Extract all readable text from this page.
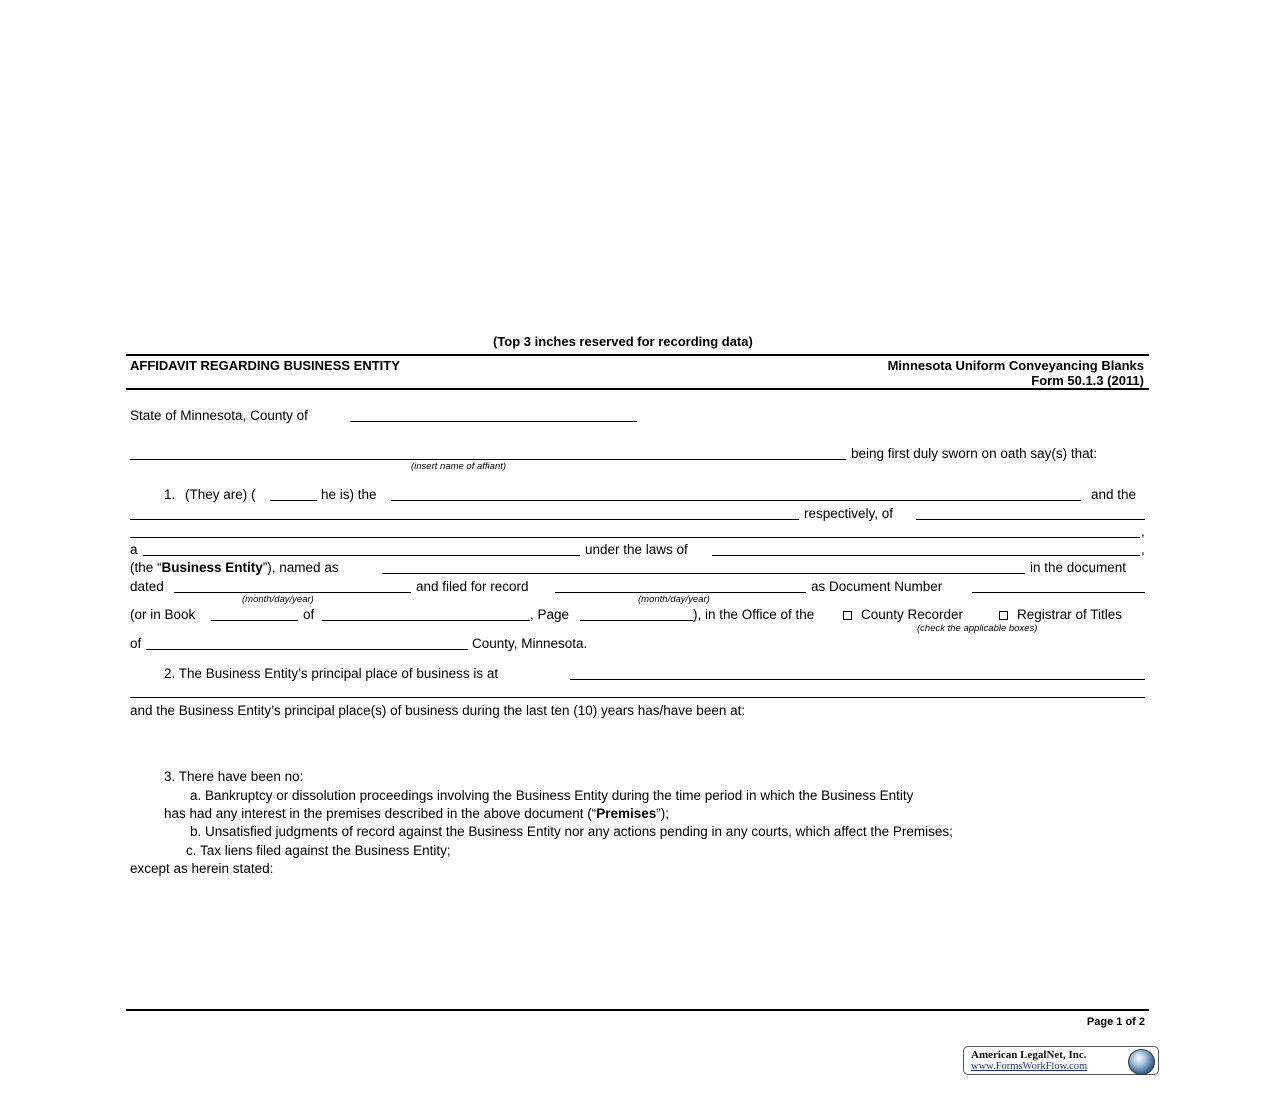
(Top 3 inches reserved for recording data)
AFFIDAVIT REGARDING BUSINESS ENTITY	Minnesota Uniform Conveyancing Blanks
Form 50.1.3 (2011)
State of Minnesota, County of
being first duly sworn on oath say(s) that:
(insert name of affiant)
1. (They are) (	he is) the	and the
respectively, of
,
a	under the laws of	,
(the “Business Entity”), named as	in the document
dated	and filed for record	as Document Number
(month/day/year)	(month/day/year)
(or in Book	of	, Page	), in the Office of the	County Recorder	Registrar of Titles
(check the applicable boxes)
of	County, Minnesota.
2. The Business Entity’s principal place of business is at
and the Business Entity’s principal place(s) of business during the last ten (10) years has/have been at:
3. There have been no:
a. Bankruptcy or dissolution proceedings involving the Business Entity during the time period in which the Business Entity
has had any interest in the premises described in the above document (“Premises”);
b. Unsatisfied judgments of record against the Business Entity nor any actions pending in any courts, which affect the Premises;
c. Tax liens filed against the Business Entity;
except as herein stated:
Page 1 of 2
American LegalNet, Inc.
www.FormsWorkFlow.com
